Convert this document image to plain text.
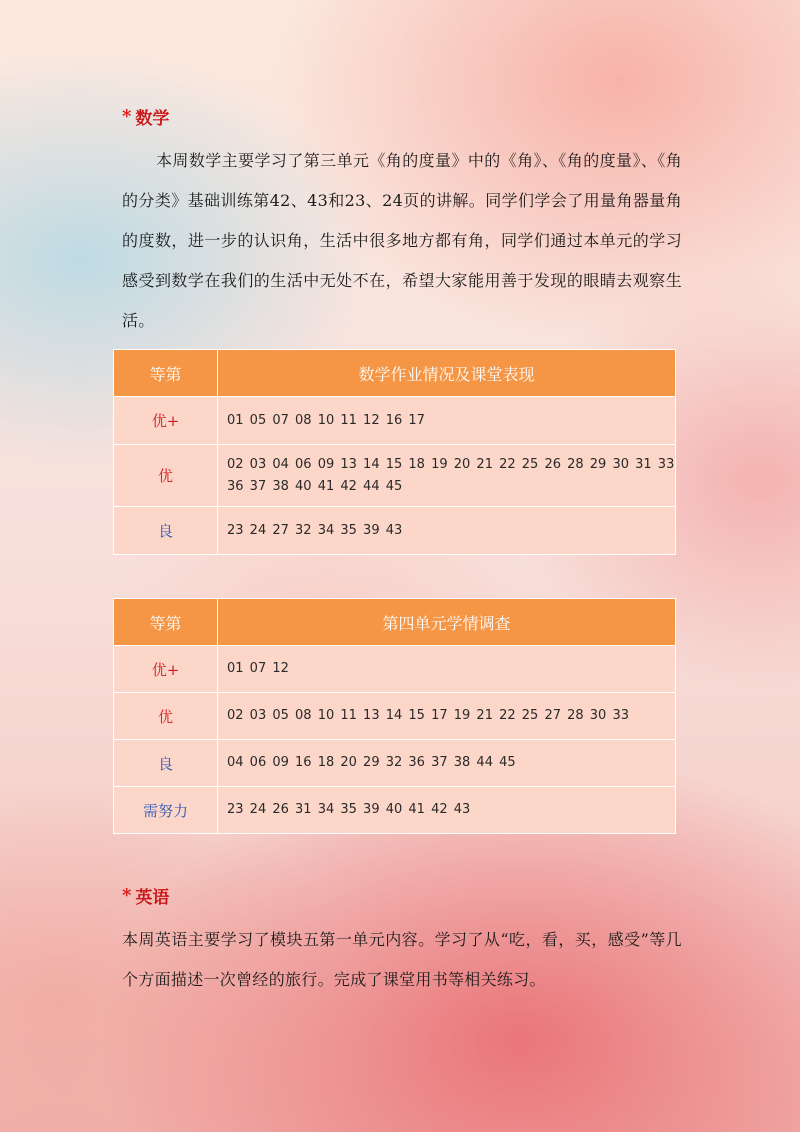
* 数学
本周数学主要学习了第三单元《角的度量》中的《角》、《角的度量》、《角的分类》基础训练第42、43和23、24页的讲解。同学们学会了用量角器量角的度数，进一步的认识角，生活中很多地方都有角，同学们通过本单元的学习感受到数学在我们的生活中无处不在，希望大家能用善于发现的眼睛去观察生活。
等第	数学作业情况及课堂表现
优+	01 05 07 08 10 11 12 16 17
优	02 03 04 06 09 13 14 15 18 19 20 21 22 25 26 28 29 30 31 33 36 37 38 40 41 42 44 45
良	23 24 27 32 34 35 39 43
等第	第四单元学情调查
优+	01 07 12
优	02 03 05 08 10 11 13 14 15 17 19 21 22 25 27 28 30 33
良	04 06 09 16 18 20 29 32 36 37 38 44 45
需努力	23 24 26 31 34 35 39 40 41 42 43
* 英语
本周英语主要学习了模块五第一单元内容。学习了从“吃，看，买，感受”等几个方面描述一次曾经的旅行。完成了课堂用书等相关练习。
